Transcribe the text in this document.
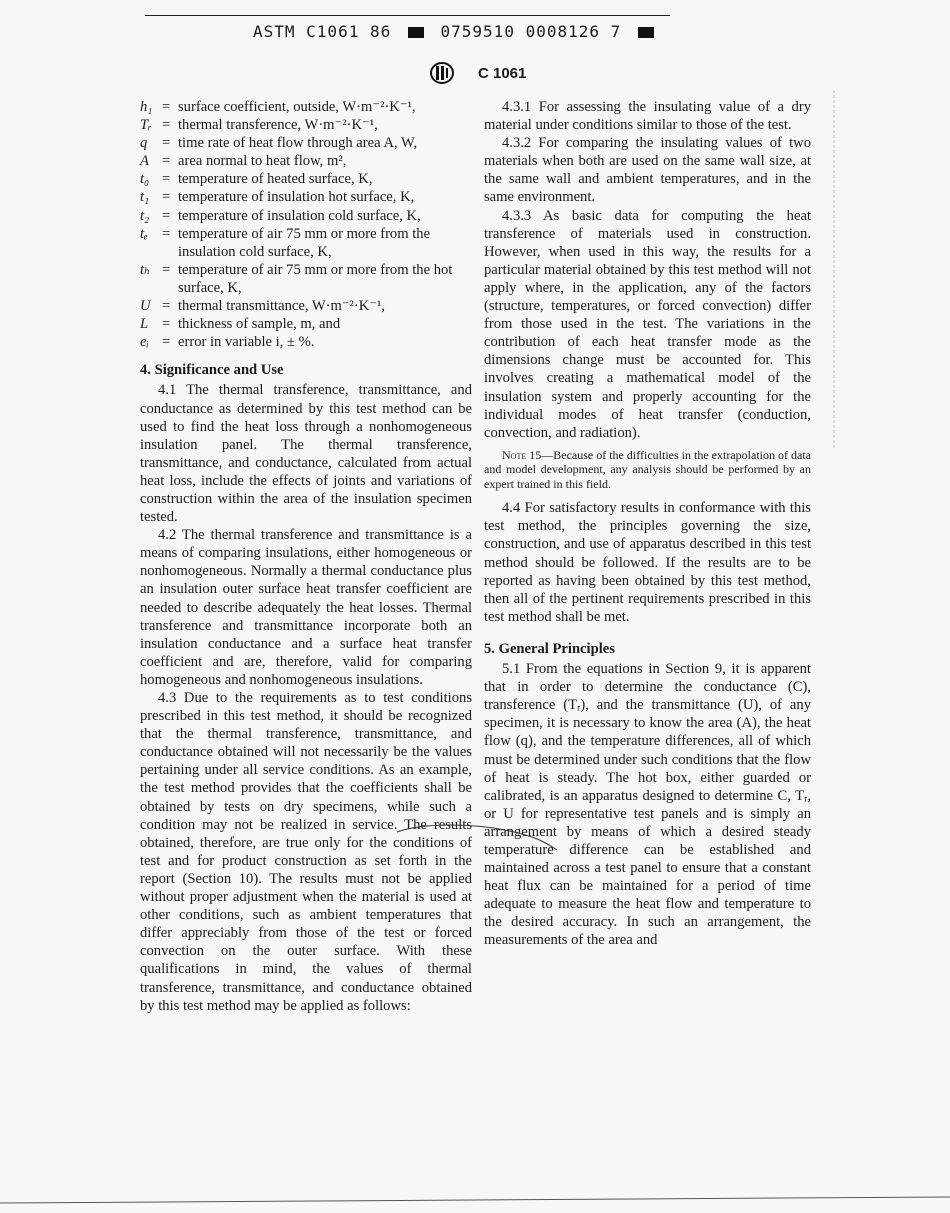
ASTM C1061 86	0759510 0008126 7
C 1061
h₁ = surface coefficient, outside, W·m⁻²·K⁻¹,
Tᵣ = thermal transference, W·m⁻²·K⁻¹,
q	= time rate of heat flow through area A, W,
A = area normal to heat flow, m²,
t₀ = temperature of heated surface, K,
t₁ = temperature of insulation hot surface, K,
t₂ = temperature of insulation cold surface, K,
tₑ = temperature of air 75 mm or more from the insulation cold surface, K,
tₕ = temperature of air 75 mm or more from the hot surface, K,
U = thermal transmittance, W·m⁻²·K⁻¹,
L = thickness of sample, m, and
eᵢ = error in variable i, ± %.
4. Significance and Use

4.1 The thermal transference, transmittance, and conductance as determined by this test method can be used to find the heat loss through a nonhomogeneous insulation panel. The thermal transference, transmittance, and conductance, calculated from actual heat loss, include the effects of joints and variations of construction within the area of the insulation specimen tested.

4.2 The thermal transference and transmittance is a means of comparing insulations, either homogeneous or nonhomogeneous. Normally a thermal conductance plus an insulation outer surface heat transfer coefficient are needed to describe adequately the heat losses. Thermal transference and transmittance incorporate both an insulation conductance and a surface heat transfer coefficient and are, therefore, valid for comparing homogeneous and nonhomogeneous insulations.

4.3 Due to the requirements as to test conditions prescribed in this test method, it should be recognized that the thermal transference, transmittance, and conductance obtained will not necessarily be the values pertaining under all service conditions. As an example, the test method provides that the coefficients shall be obtained by tests on dry specimens, while such a condition may not be realized in service. The results obtained, therefore, are true only for the conditions of test and for product construction as set forth in the report (Section 10). The results must not be applied without proper adjustment when the material is used at other conditions, such as ambient temperatures that differ appreciably from those of the test or forced convection on the outer surface. With these qualifications in mind, the values of thermal transference, transmittance, and conductance obtained by this test method may be applied as follows:

4.3.1 For assessing the insulating value of a dry material under conditions similar to those of the test.

4.3.2 For comparing the insulating values of two materials when both are used on the same wall size, at the same wall and ambient temperatures, and in the same environment.

4.3.3 As basic data for computing the heat transference of materials used in construction. However, when used in this way, the results for a particular material obtained by this test method will not apply where, in the application, any of the factors (structure, temperatures, or forced convection) differ from those used in the test. The variations in the contribution of each heat transfer mode as the dimensions change must be accounted for. This involves creating a mathematical model of the insulation system and properly accounting for the individual modes of heat transfer (conduction, convection, and radiation).

Note 15—Because of the difficulties in the extrapolation of data and model development, any analysis should be performed by an expert trained in this field.

4.4 For satisfactory results in conformance with this test method, the principles governing the size, construction, and use of apparatus described in this test method should be followed. If the results are to be reported as having been obtained by this test method, then all of the pertinent requirements prescribed in this test method shall be met.

5. General Principles

5.1 From the equations in Section 9, it is apparent that in order to determine the conductance (C), transference (Tᵣ), and the transmittance (U), of any specimen, it is necessary to know the area (A), the heat flow (q), and the temperature differences, all of which must be determined under such conditions that the flow of heat is steady. The hot box, either guarded or calibrated, is an apparatus designed to determine C, Tᵣ, or U for representative test panels and is simply an arrangement by means of which a desired steady temperature difference can be established and maintained across a test panel to ensure that a constant heat flux can be maintained for a period of time adequate to measure the heat flow and temperature to the desired accuracy. In such an arrangement, the measurements of the area and
